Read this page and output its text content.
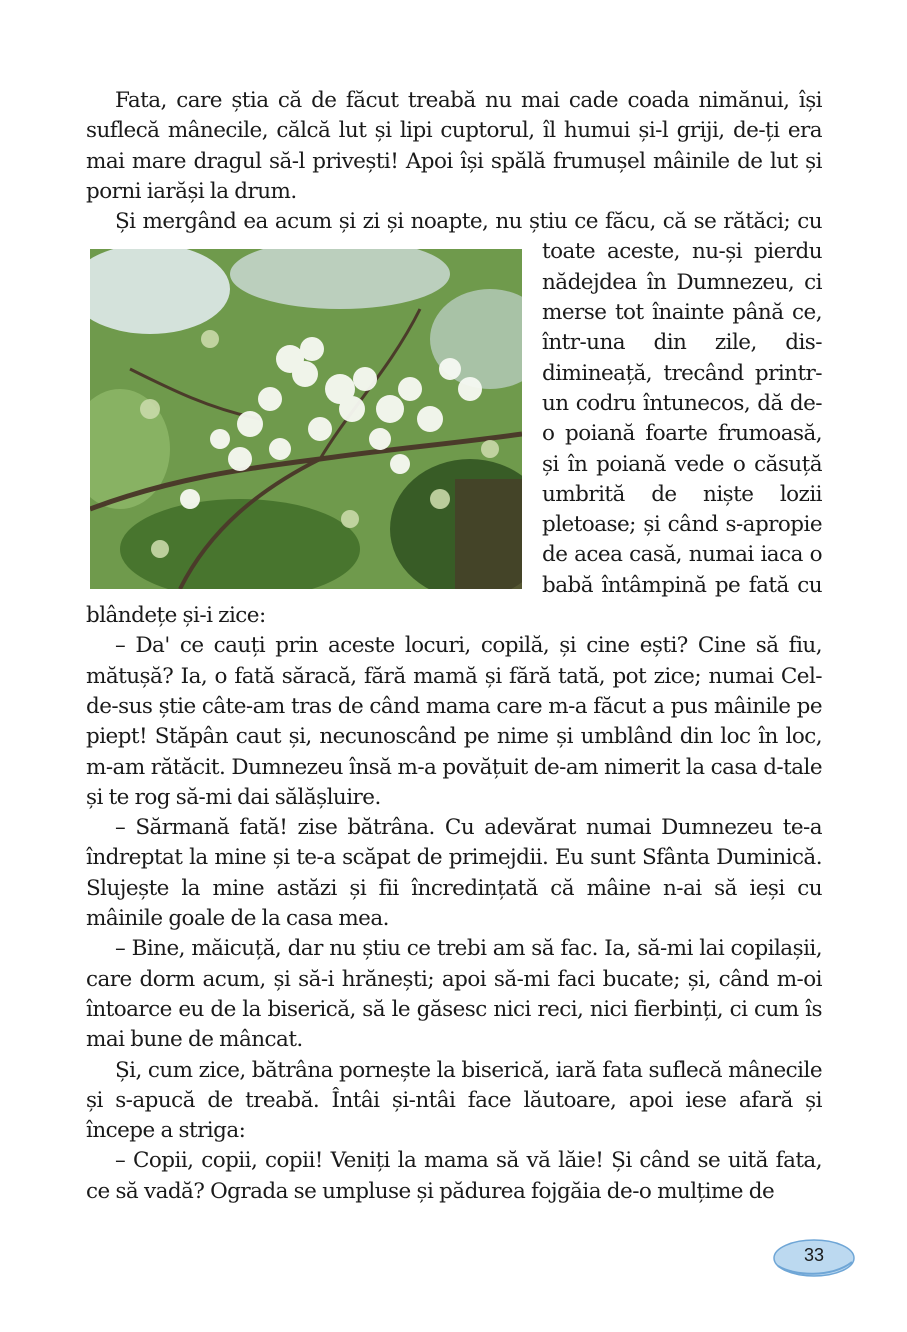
Fata, care știa că de făcut treabă nu mai cade coada nimănui, își suflecă mânecile, călcă lut și lipi cuptorul, îl humui și-l griji, de-ți era mai mare dragul să-l privești! Apoi își spălă frumușel mâinile de lut și porni iarăși la drum.

Și mergând ea acum și zi și noapte, nu știu ce făcu, că se rătăci;
cu toate aceste, nu-și pierdu nădejdea în Dumnezeu, ci merse tot înainte până ce, într-una din zile, dis-dimineață, trecând printr-un codru întunecos, dă de-o poiană foarte frumoasă, și în poiană vede o căsuță umbrită de niște lozii pletoase; și când s-apropie de acea casă, numai iaca o babă întâmpină pe fată cu blândețe și-i zice:

– Da' ce cauți prin aceste locuri, copilă, și cine ești? Cine să fiu, mătușă? Ia, o fată săracă, fără mamă și fără tată, pot zice; numai Cel-de-sus știe câte-am tras de când mama care m-a făcut a pus mâinile pe piept! Stăpân caut și, necunoscând pe nime și umblând din loc în loc, m-am rătăcit. Dumnezeu însă m-a povățuit de-am nimerit la casa d-tale și te rog să-mi dai sălășluire.

– Sărmană fată! zise bătrâna. Cu adevărat numai Dumnezeu te-a îndreptat la mine și te-a scăpat de primejdii. Eu sunt Sfânta Duminică. Slujește la mine astăzi și fii încredințată că mâine n-ai să ieși cu mâinile goale de la casa mea.

– Bine, măicuță, dar nu știu ce trebi am să fac. Ia, să-mi lai copilașii, care dorm acum, și să-i hrănești; apoi să-mi faci bucate; și, când m-oi întoarce eu de la biserică, să le găsesc nici reci, nici fierbinți, ci cum îs mai bune de mâncat.

Și, cum zice, bătrâna pornește la biserică, iară fata suflecă mânecile și s-apucă de treabă. Întâi și-ntâi face lăutoare, apoi iese afară și începe a striga:

– Copii, copii, copii! Veniți la mama să vă lăie! Și când se uită fata, ce să vadă? Ograda se umpluse și pădurea fojgăia de-o mulțime de

33
